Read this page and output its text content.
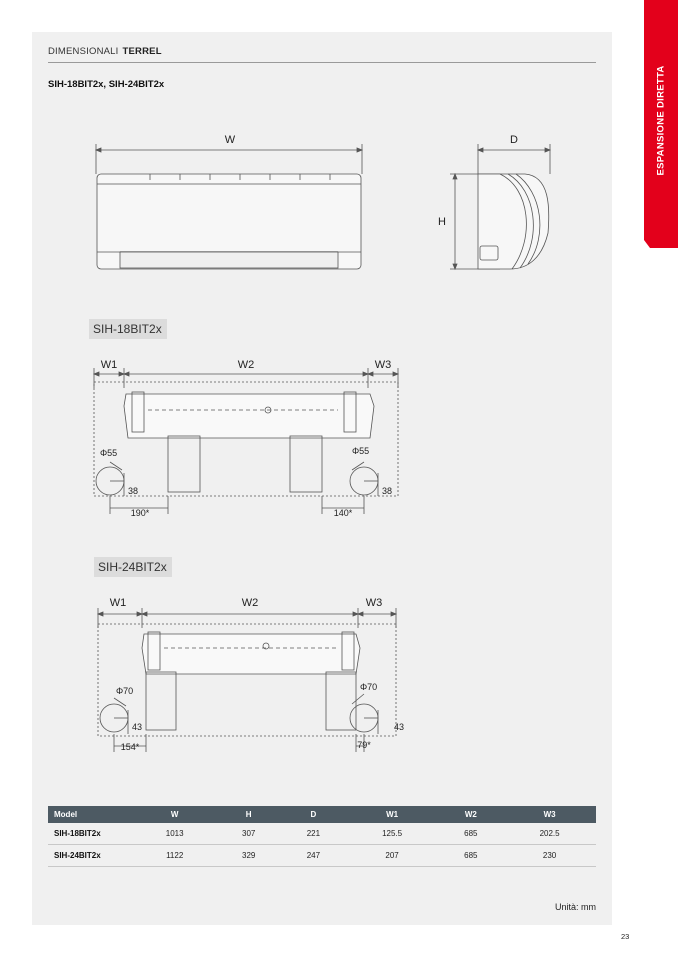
DIMENSIONALI TERREL
SIH-18BIT2x, SIH-24BIT2x	ESPANSIONE DIRETTA
W	D
H
SIH-18BIT2x
W1	W2	W3
Φ55	Φ55
38	38
190*	140*
SIH-24BIT2x
W1	W2	W3
Φ70	Φ70
43	43
154*	79*
Model	W	H	D	W1	W2	W3
SIH-18BIT2x	1013	307	221	125.5	685	202.5
SIH-24BIT2x	1122	329	247	207	685	230
Unità: mm
23
